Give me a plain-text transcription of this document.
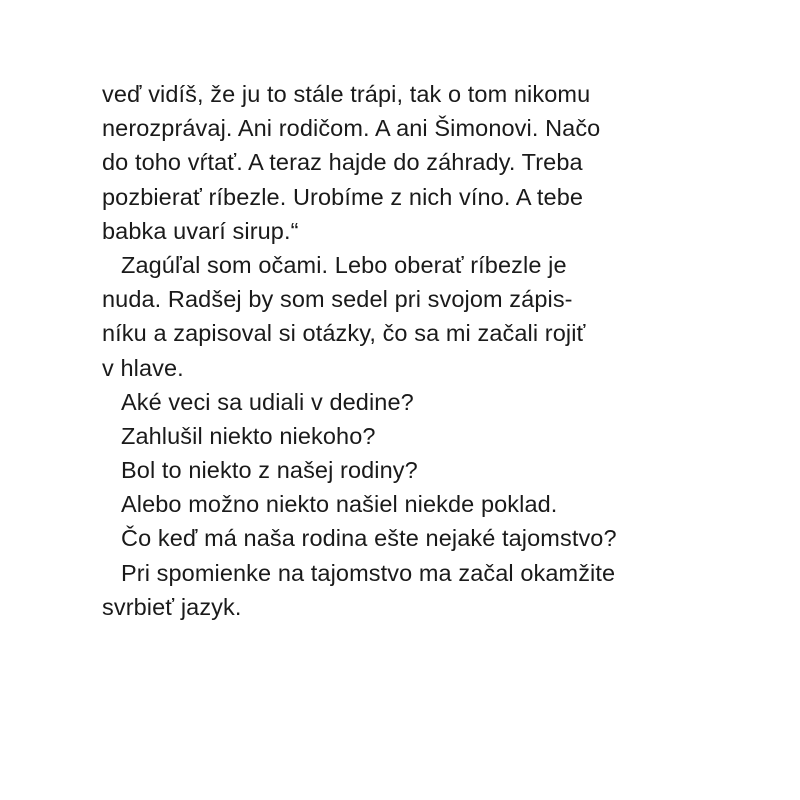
veď vidíš, že ju to stále trápi, tak o tom nikomu
nerozprávaj. Ani rodičom. A ani Šimonovi. Načo
do toho vŕtať. A teraz hajde do záhrady. Treba
pozbierať ríbezle. Urobíme z nich víno. A tebe
babka uvarí sirup.“
Zagúľal som očami. Lebo oberať ríbezle je
nuda. Radšej by som sedel pri svojom zápis-
níku a zapisoval si otázky, čo sa mi začali rojiť
v hlave.
Aké veci sa udiali v dedine?
Zahlušil niekto niekoho?
Bol to niekto z našej rodiny?
Alebo možno niekto našiel niekde poklad.
Čo keď má naša rodina ešte nejaké tajomstvo?
Pri spomienke na tajomstvo ma začal okamžite
svrbieť jazyk.
